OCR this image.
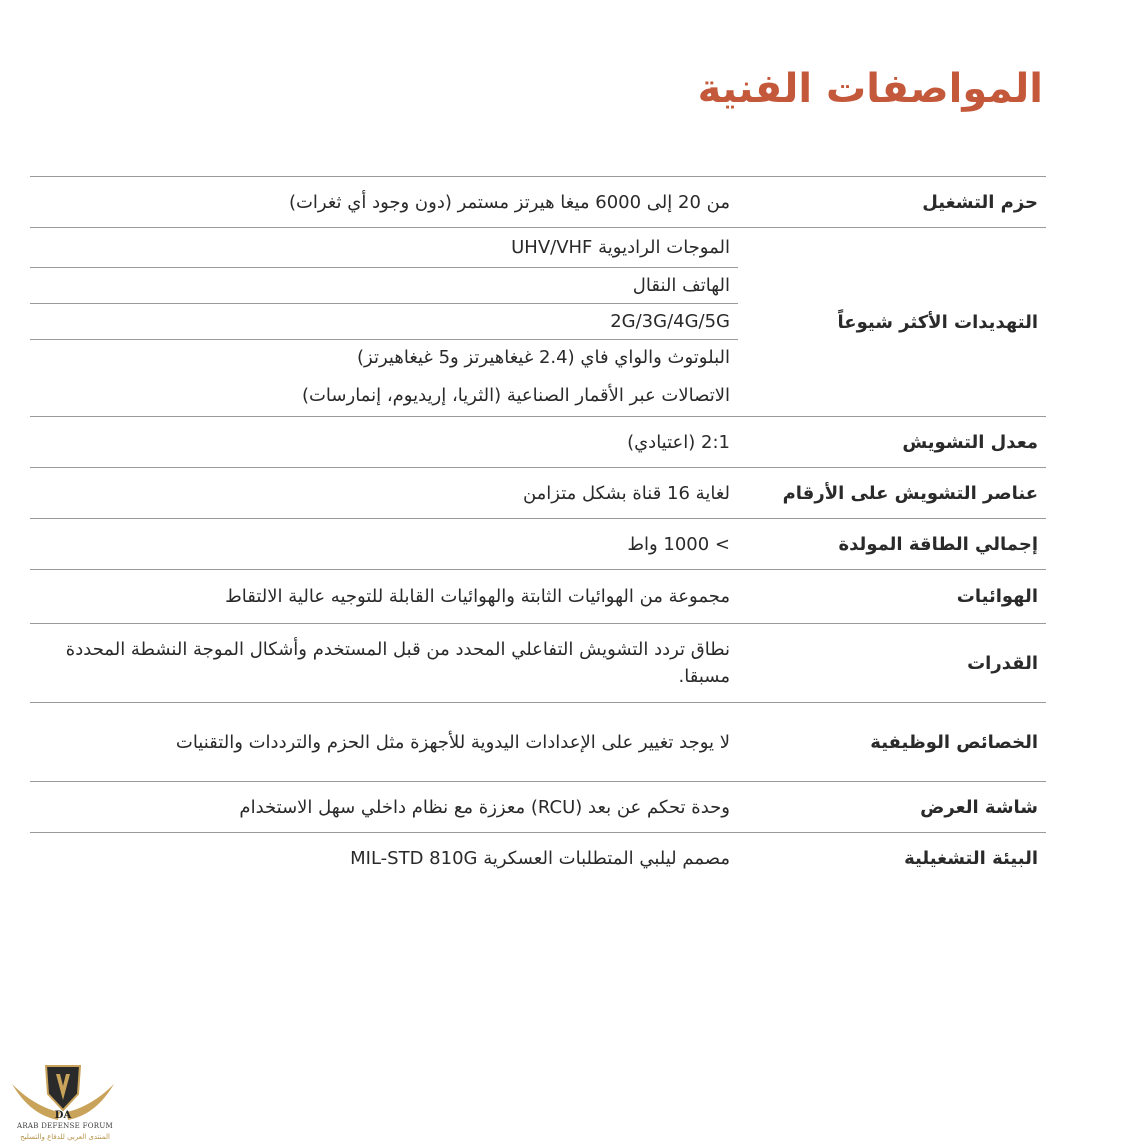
المواصفات الفنية
حزم التشغيل
من 20 إلى 6000 ميغا هيرتز مستمر (دون وجود أي ثغرات)
التهديدات الأكثر شيوعاً
الموجات الراديوية UHV/VHF
الهاتف النقال
2G/3G/4G/5G
البلوتوث والواي فاي (2.4 غيغاهيرتز و5 غيغاهيرتز)
الاتصالات عبر الأقمار الصناعية (الثريا، إريديوم، إنمارسات)
معدل التشويش
2:1 (اعتيادي)
عناصر التشويش على الأرقام
لغاية 16 قناة بشكل متزامن
إجمالي الطاقة المولدة
> 1000 واط
الهوائيات
مجموعة من الهوائيات الثابتة والهوائيات القابلة للتوجيه عالية الالتقاط
القدرات
نطاق تردد التشويش التفاعلي المحدد من قبل المستخدم وأشكال الموجة النشطة المحددة مسبقا.
الخصائص الوظيفية
لا يوجد تغيير على الإعدادات اليدوية للأجهزة مثل الحزم والترددات والتقنيات
شاشة العرض
وحدة تحكم عن بعد (RCU) معززة مع نظام داخلي سهل الاستخدام
البيئة التشغيلية
مصمم ليلبي المتطلبات العسكرية MIL-STD 810G
DA
ARAB DEFENSE FORUM
المنتدى العربي للدفاع والتسليح
